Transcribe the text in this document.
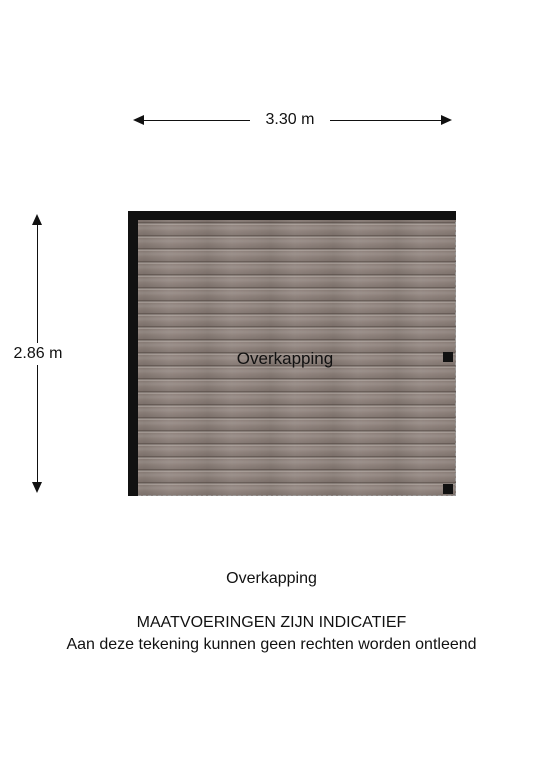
3.30 m
2.86 m	Overkapping
Overkapping
MAATVOERINGEN ZIJN INDICATIEF
Aan deze tekening kunnen geen rechten worden ontleend
